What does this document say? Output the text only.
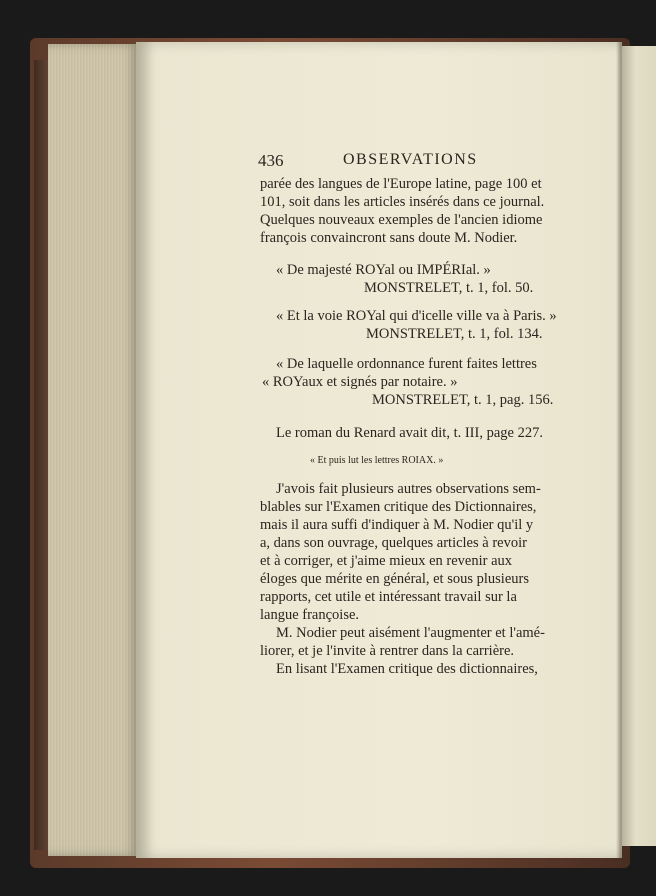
436	OBSERVATIONS
parée des langues de l'Europe latine, page 100 et
101, soit dans les articles insérés dans ce journal.
Quelques nouveaux exemples de l'ancien idiome
françois convaincront sans doute M. Nodier.
« De majesté ROYal ou IMPÉRIal. »
MONSTRELET, t. 1, fol. 50.
« Et la voie ROYal qui d'icelle ville va à Paris. »
MONSTRELET, t. 1, fol. 134.
« De laquelle ordonnance furent faites lettres
« ROYaux et signés par notaire. »
MONSTRELET, t. 1, pag. 156.
Le roman du Renard avait dit, t. III, page 227.
« Et puis lut les lettres ROIAX. »
J'avois fait plusieurs autres observations sem-
blables sur l'Examen critique des Dictionnaires,
mais il aura suffi d'indiquer à M. Nodier qu'il y
a, dans son ouvrage, quelques articles à revoir
et à corriger, et j'aime mieux en revenir aux
éloges que mérite en général, et sous plusieurs
rapports, cet utile et intéressant travail sur la
langue françoise.
M. Nodier peut aisément l'augmenter et l'amé-
liorer, et je l'invite à rentrer dans la carrière.
En lisant l'Examen critique des dictionnaires,
